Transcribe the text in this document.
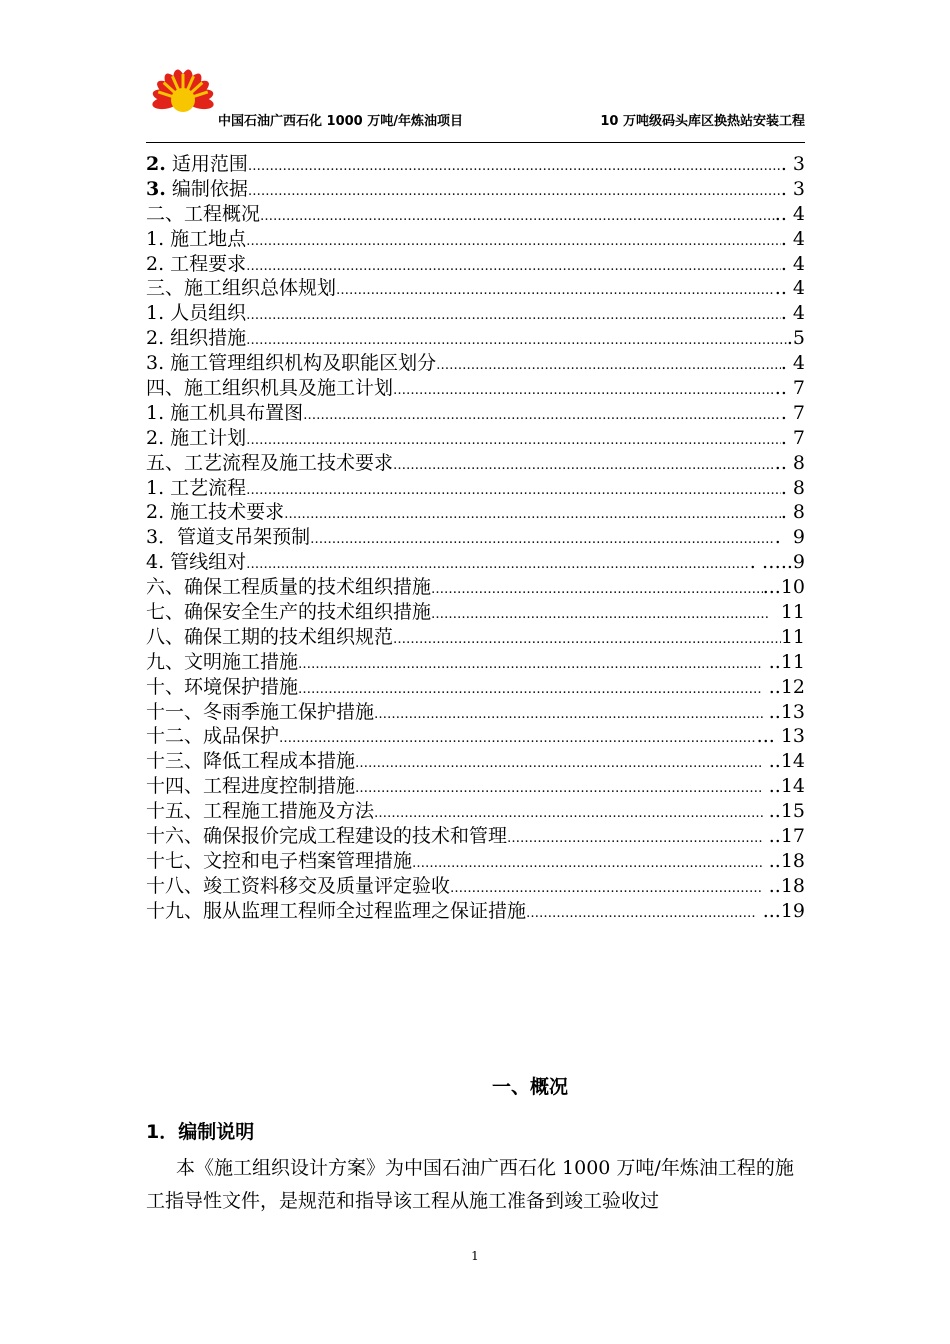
中国石油广西石化 1000 万吨/年炼油项目	10 万吨级码头库区换热站安装工程
2. 适用范围 ……………………………………………………………………………………………………………………………………………………	. 3
3. 编制依据 ……………………………………………………………………………………………………………………………………………………	. 3
二、工程概况 ……………………………………………………………………………………………………………………………………………………	.. 4
1. 施工地点 ……………………………………………………………………………………………………………………………………………………	. 4
2. 工程要求 ……………………………………………………………………………………………………………………………………………………	. 4
三、施工组织总体规划 ……………………………………………………………………………………………………………………………………………………	.. 4
1. 人员组织 ……………………………………………………………………………………………………………………………………………………	. 4
2. 组织措施 ……………………………………………………………………………………………………………………………………………………	.5
3. 施工管理组织机构及职能区划分 ……………………………………………………………………………………………………………………………………………………	. 4
四、施工组织机具及施工计划 ……………………………………………………………………………………………………………………………………………………	.. 7
1. 施工机具布置图 ……………………………………………………………………………………………………………………………………………………	. 7
2. 施工计划 ……………………………………………………………………………………………………………………………………………………	. 7
五、工艺流程及施工技术要求 ……………………………………………………………………………………………………………………………………………………	.. 8
1. 工艺流程 ……………………………………………………………………………………………………………………………………………………	. 8
2. 施工技术要求 ……………………………………………………………………………………………………………………………………………………	. 8
3．管道支吊架预制 ……………………………………………………………………………………………………………………………………………………	.  9
4. 管线组对 ……………………………………………………………………………………………………………………………………………………	. …..9
六、确保工程质量的技术组织措施 ……………………………………………………………………………………………………………………………………………………	...10
七、确保安全生产的技术组织措施 ……………………………………………………………………………………………………………………………………………………	11
八、确保工期的技术组织规范 ……………………………………………………………………………………………………………………………………………………	11
九、文明施工措施 ……………………………………………………………………………………………………………………………………………………	..11
十、环境保护措施 ……………………………………………………………………………………………………………………………………………………	..12
十一、冬雨季施工保护措施 ……………………………………………………………………………………………………………………………………………………	..13
十二、成品保护 ……………………………………………………………………………………………………………………………………………………	... 13
十三、降低工程成本措施 ……………………………………………………………………………………………………………………………………………………	..14
十四、工程进度控制措施 ……………………………………………………………………………………………………………………………………………………	..14
十五、工程施工措施及方法 ……………………………………………………………………………………………………………………………………………………	..15
十六、确保报价完成工程建设的技术和管理 ……………………………………………………………………………………………………………………………………………………	..17
十七、文控和电子档案管理措施 ……………………………………………………………………………………………………………………………………………………	..18
十八、竣工资料移交及质量评定验收 ……………………………………………………………………………………………………………………………………………………	..18
十九、服从监理工程师全过程监理之保证措施 ……………………………………………………………………………………………………………………………………………………	...19
一、概况
1．编制说明
本《施工组织设计方案》为中国石油广西石化 1000 万吨/年炼油工程的施工指导性文件，是规范和指导该工程从施工准备到竣工验收过
1
